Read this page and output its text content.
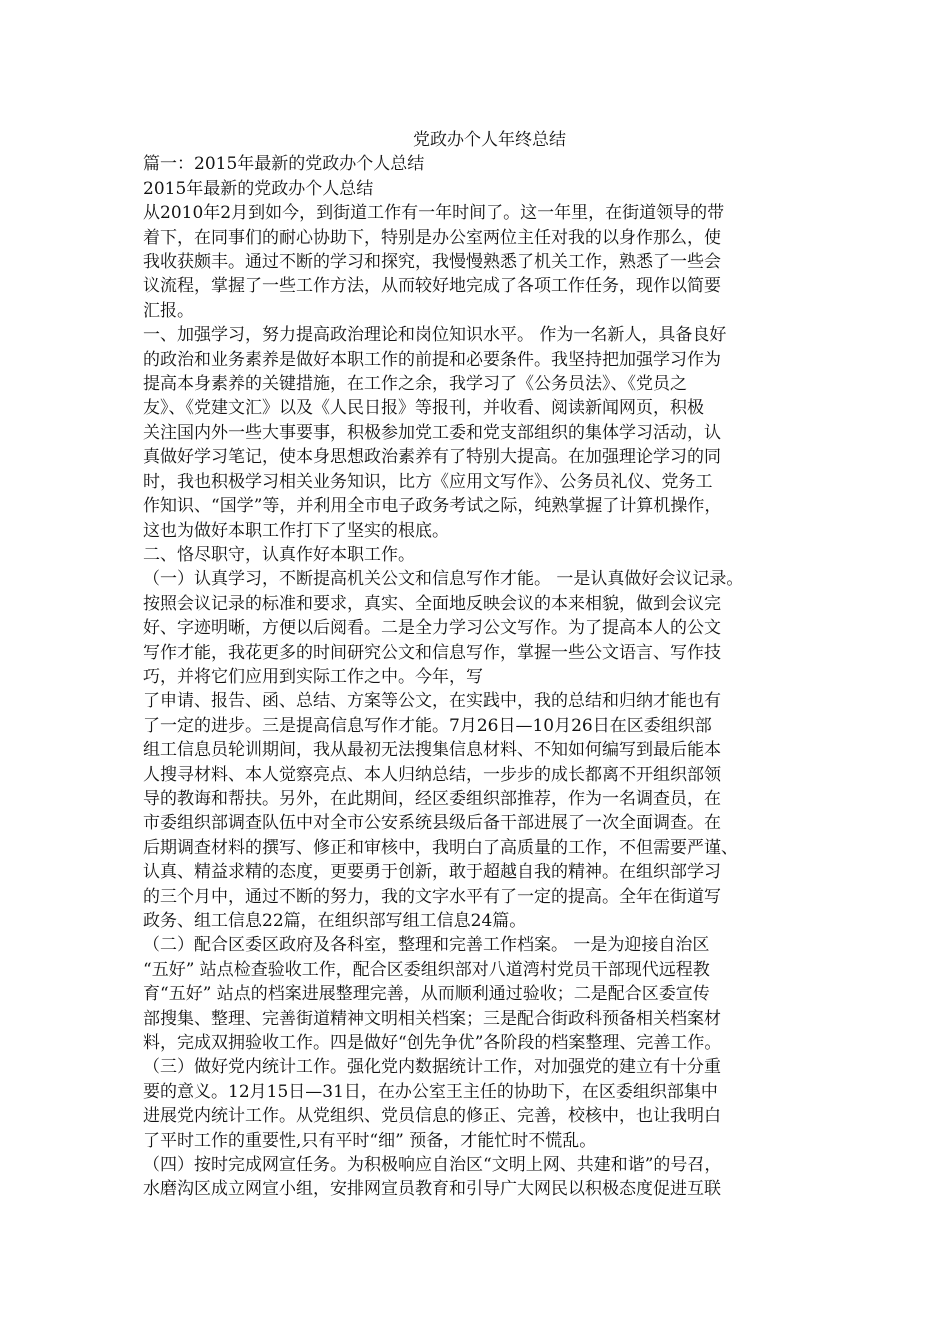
党政办个人年终总结
篇一：2015年最新的党政办个人总结
2015年最新的党政办个人总结
从2010年2月到如今，到街道工作有一年时间了。这一年里，在街道领导的带
着下，在同事们的耐心协助下，特别是办公室两位主任对我的以身作那么，使
我收获颇丰。通过不断的学习和探究，我慢慢熟悉了机关工作，熟悉了一些会
议流程，掌握了一些工作方法，从而较好地完成了各项工作任务，现作以简要
汇报。
一、加强学习，努力提高政治理论和岗位知识水平。 作为一名新人，具备良好
的政治和业务素养是做好本职工作的前提和必要条件。我坚持把加强学习作为
提高本身素养的关键措施，在工作之余，我学习了《公务员法》、《党员之
友》、《党建文汇》以及《人民日报》等报刊，并收看、阅读新闻网页，积极
关注国内外一些大事要事，积极参加党工委和党支部组织的集体学习活动，认
真做好学习笔记，使本身思想政治素养有了特别大提高。在加强理论学习的同
时，我也积极学习相关业务知识，比方《应用文写作》、公务员礼仪、党务工
作知识、“国学”等，并利用全市电子政务考试之际，纯熟掌握了计算机操作，
这也为做好本职工作打下了坚实的根底。
二、恪尽职守，认真作好本职工作。
（一）认真学习，不断提高机关公文和信息写作才能。 一是认真做好会议记录。
按照会议记录的标准和要求，真实、全面地反映会议的本来相貌，做到会议完
好、字迹明晰，方便以后阅看。二是全力学习公文写作。为了提高本人的公文
写作才能，我花更多的时间研究公文和信息写作，掌握一些公文语言、写作技
巧，并将它们应用到实际工作之中。今年，写
了申请、报告、函、总结、方案等公文，在实践中，我的总结和归纳才能也有
了一定的进步。三是提高信息写作才能。7月26日—10月26日在区委组织部
组工信息员轮训期间，我从最初无法搜集信息材料、不知如何编写到最后能本
人搜寻材料、本人觉察亮点、本人归纳总结，一步步的成长都离不开组织部领
导的教诲和帮扶。另外，在此期间，经区委组织部推荐，作为一名调查员，在
市委组织部调查队伍中对全市公安系统县级后备干部进展了一次全面调查。在
后期调查材料的撰写、修正和审核中，我明白了高质量的工作，不但需要严谨、
认真、精益求精的态度，更要勇于创新，敢于超越自我的精神。在组织部学习
的三个月中，通过不断的努力，我的文字水平有了一定的提高。全年在街道写
政务、组工信息22篇，在组织部写组工信息24篇。
（二）配合区委区政府及各科室，整理和完善工作档案。 一是为迎接自治区
“五好” 站点检查验收工作，配合区委组织部对八道湾村党员干部现代远程教
育“五好” 站点的档案进展整理完善，从而顺利通过验收；二是配合区委宣传
部搜集、整理、完善街道精神文明相关档案；三是配合街政科预备相关档案材
料，完成双拥验收工作。四是做好“创先争优”各阶段的档案整理、完善工作。
（三）做好党内统计工作。强化党内数据统计工作，对加强党的建立有十分重
要的意义。12月15日—31日，在办公室王主任的协助下，在区委组织部集中
进展党内统计工作。从党组织、党员信息的修正、完善，校核中，也让我明白
了平时工作的重要性,只有平时“细” 预备，才能忙时不慌乱。
（四）按时完成网宣任务。为积极响应自治区“文明上网、共建和谐”的号召，
水磨沟区成立网宣小组，安排网宣员教育和引导广大网民以积极态度促进互联
